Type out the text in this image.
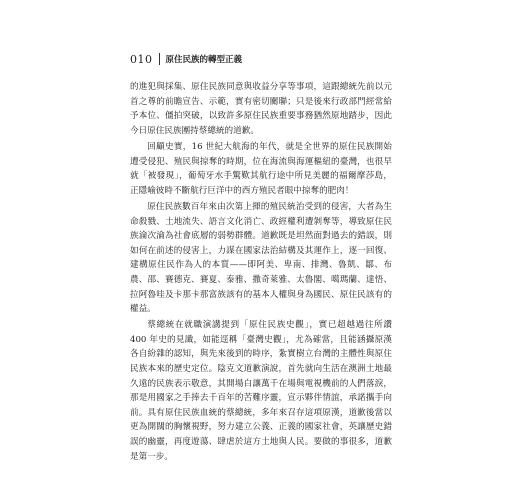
010 原住民族的轉型正義

的進犯與採集、原住民族同意與收益分享等事項，這跟總統先前以元首之尊的前瞻宣告、示範，實有密切關聯；只是後來行政部門經常給予本位、僵拍突破，以致許多原住民族重要事務猶然原地踏步，因此今日原住民族團持蔡總統的道歉。

回顧史實，16 世紀大航海的年代，就是全世界的原住民族開始遭受侵犯、殖民與掠奪的時期，位在海流與海運樞紐的臺灣，也很早就「被發現」，葡萄牙水手驚歎其航行途中所見美麗的福爾摩莎島，正隱喻彼時不斷航行巨洋中的西方殖民者眼中掠奪的肥肉！

原住民族數百年來由次第上揮的殖民統治受到的侵害，大者為生命殺戮、土地流失、語言文化消亡、政經權利遭剝奪等，導致原住民族淪次淪為社會底層的弱勢群體。道歉既是坦然面對過去的錯誤，則如何在前述的侵害上，力謀在國家法治結構及其運作上，逐一回復、建構原住民作為人的本質——即阿美、卑南、排灣、魯凱、鄒、布農、邵、賽德克、賽夏、泰雅、撒奇萊雅、太魯閣、噶瑪蘭、達悟、拉阿魯哇及卡那卡那富族該有的基本人權與身為國民、原住民該有的權益。

蔡總統在就職演講提到「原住民族史觀」，實已超越過往所讚 400 年史的見識，如能逕稱「臺灣史觀」，尤為確當，且能涵攝原漢各自紛雜的認知，與先來後到的時序，紮實樹立台灣的主體性與原住民族本來的歷史定位。陰克文道歉演說，首先就向生活在澳洲土地最久遠的民族表示敬意，其開場白讓萬千在場與電視機前的人們落淚，那是用國家之手捧去千百年的苦難序靈，宣示夥伴情誼，承諾攜手向前。具有原住民族血統的蔡總統，多年來召存這項原漢，道歉後當以更為開闊的胸懷視野，努力建立公義、正義的國家社會，英讓歷史錯誤的幽靈，再度遊蕩、肆虐於這方土地與人民。要做的事很多，道歉是第一步。
